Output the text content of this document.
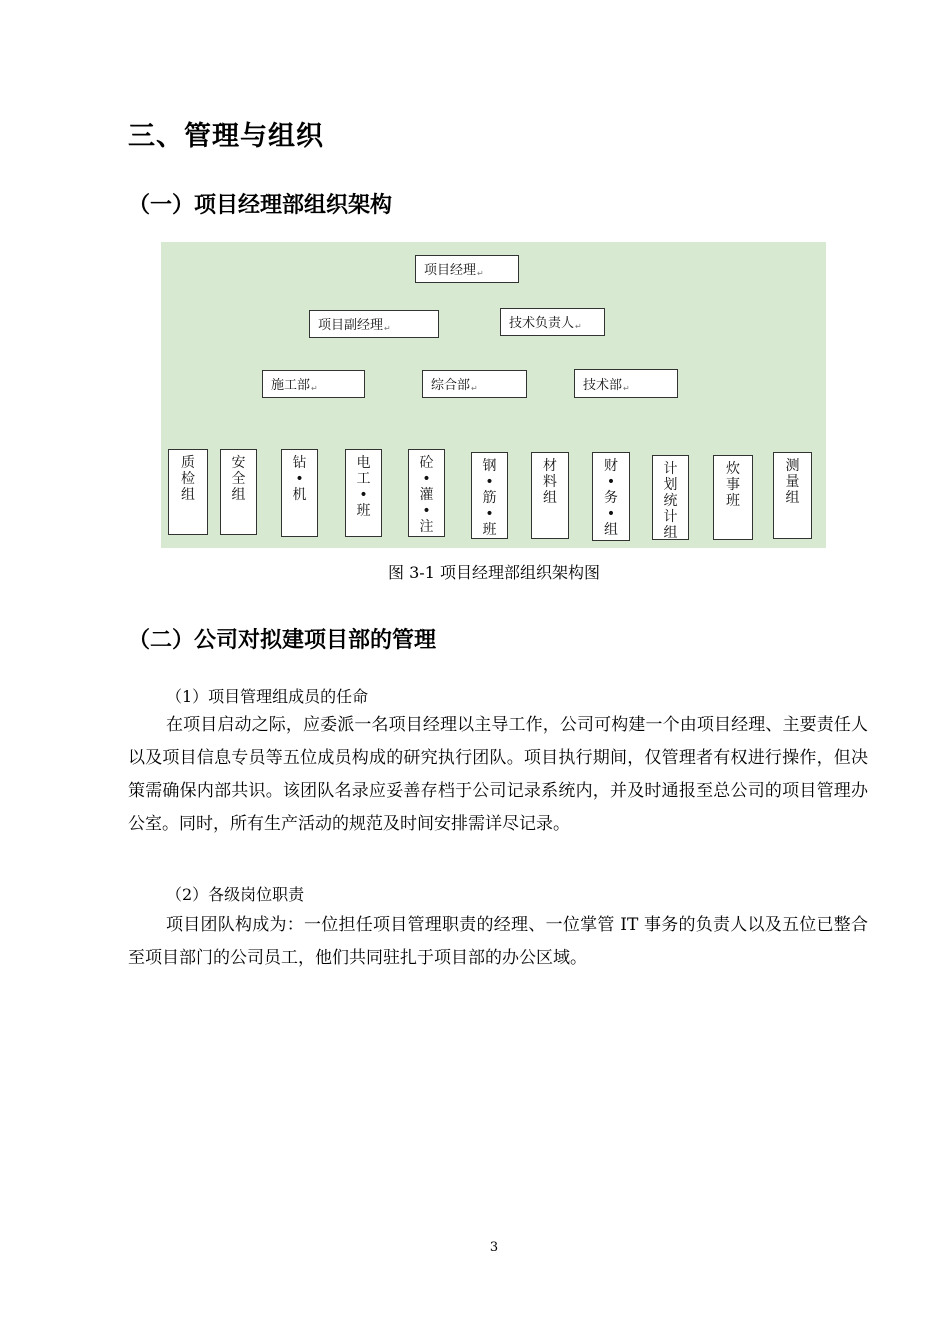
三、管理与组织
（一）项目经理部组织架构
项目经理 ↵
项目副经理 ↵	技术负责人 ↵
施工部 ↵	综合部 ↵	技术部 ↵
质检组
安全组
钻•机
电工•班
砼•灌•注
钢•筋•班
材料组
财•务•组
计划统计组
炊事班
测量组
图 3-1 项目经理部组织架构图
（二）公司对拟建项目部的管理

（1）项目管理组成员的任命

在项目启动之际，应委派一名项目经理以主导工作，公司可构建一个由项目经理、主要责任人以及项目信息专员等五位成员构成的研究执行团队。项目执行期间，仅管理者有权进行操作，但决策需确保内部共识。该团队名录应妥善存档于公司记录系统内，并及时通报至总公司的项目管理办公室。同时，所有生产活动的规范及时间安排需详尽记录。

（2）各级岗位职责

项目团队构成为：一位担任项目管理职责的经理、一位掌管 IT 事务的负责人以及五位已整合至项目部门的公司员工，他们共同驻扎于项目部的办公区域。

3
